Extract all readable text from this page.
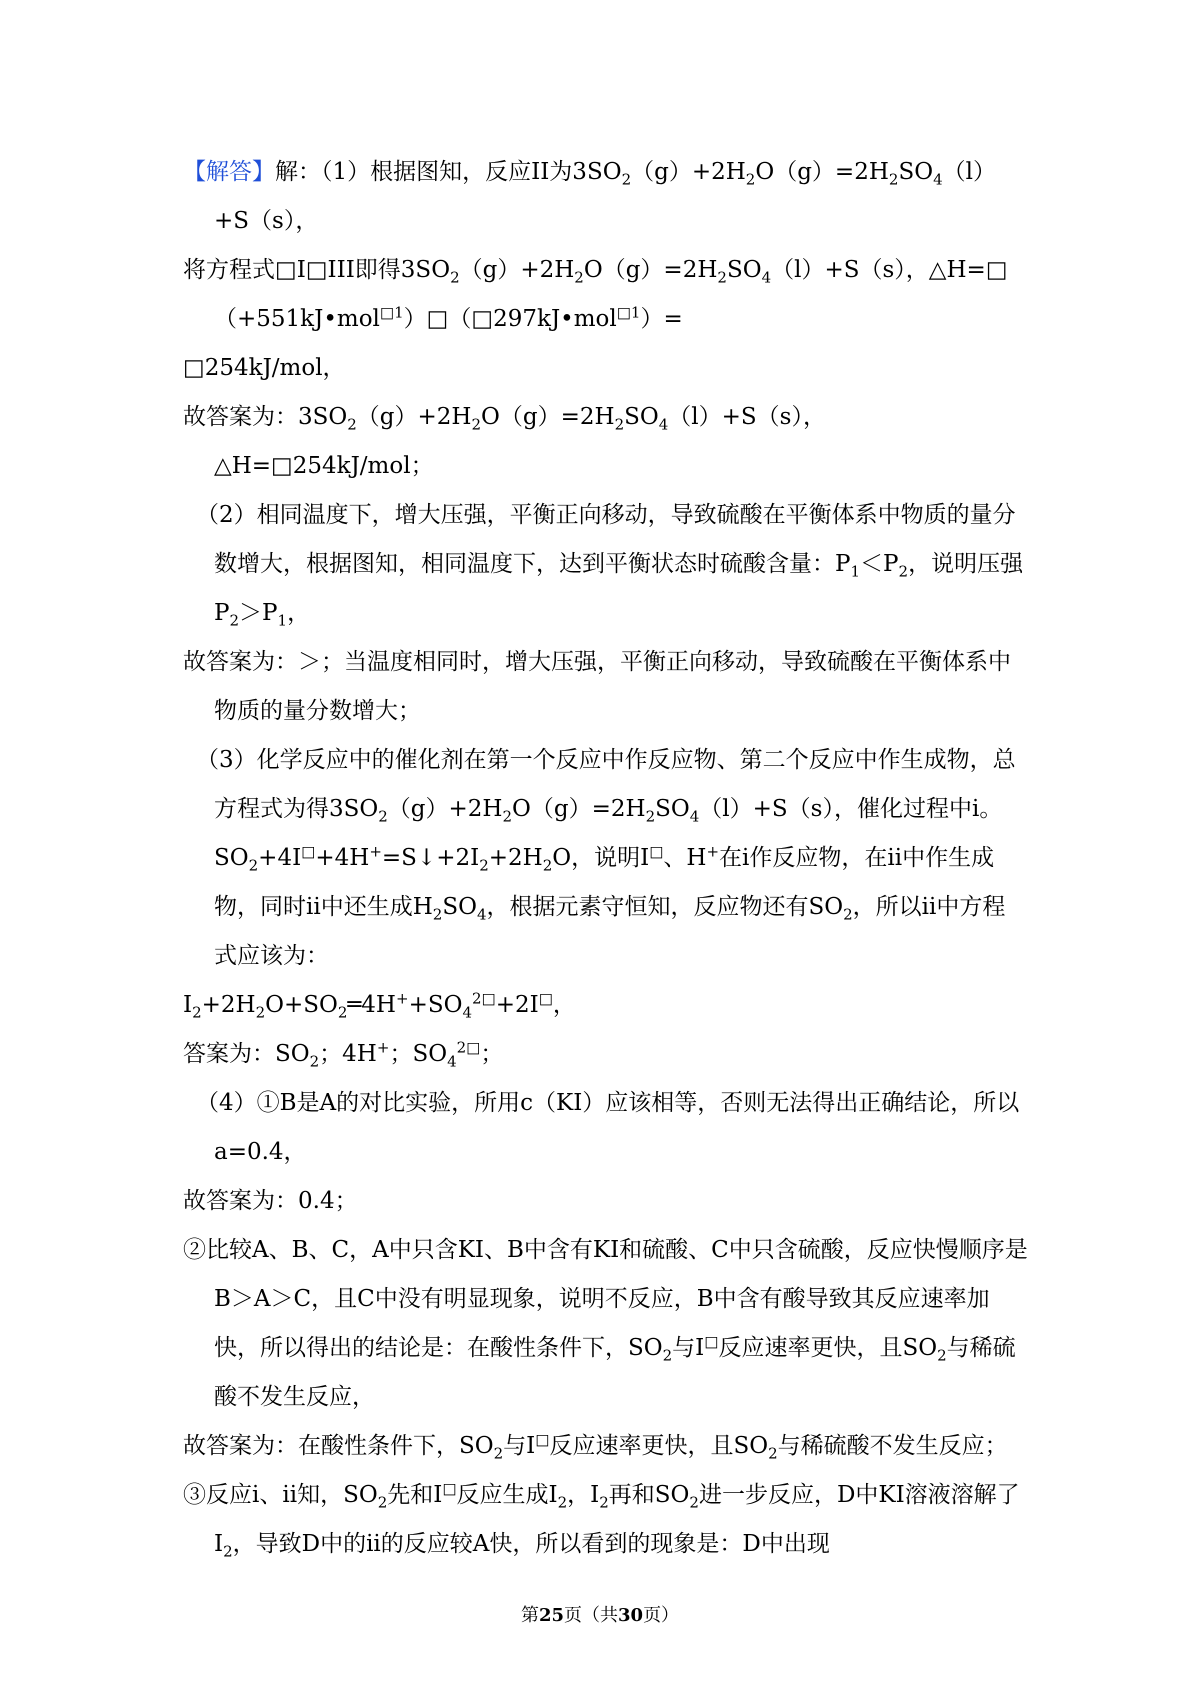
【解答】解：（1）根据图知，反应II为$3SO_2(g)+2H_2O(g)=2H_2SO_4(l)+S(s)$，

将方程式□I□III即得$3SO_2(g)+2H_2O(g)=2H_2SO_4(l)+S(s)$，△H=□（+551kJ•mol$^{□1}$）□（□297kJ•mol$^{□1}$）=

□254kJ/mol，

故答案为：$3SO_2(g)+2H_2O(g)=2H_2SO_4(l)+S(s)$，△H=□254kJ/mol；

（2）相同温度下，增大压强，平衡正向移动，导致硫酸在平衡体系中物质的量分数增大，根据图知，相同温度下，达到平衡状态时硫酸含量：$P_1<P_2$，说明压强$P_2>P_1$，

故答案为：＞；当温度相同时，增大压强，平衡正向移动，导致硫酸在平衡体系中物质的量分数增大；

（3）化学反应中的催化剂在第一个反应中作反应物、第二个反应中作生成物，总方程式为得$3SO_2(g)+2H_2O(g)=2H_2SO_4(l)+S(s)$，催化过程中i。$SO_2+4I^□+4H^+=S↓+2I_2+2H_2O$，说明I□、H+在i作反应物，在ii中作生成物，同时ii中还生成$H_2SO_4$，根据元素守恒知，反应物还有$SO_2$，所以ii中方程式应该为：

$I_2+2H_2O+SO_2═4H^++SO_4^{2□}+2I^□$，

答案为：$SO_2$；4H+；$SO_4^{2□}$；

（4）①B是A的对比实验，所用c（KI）应该相等，否则无法得出正确结论，所以a=0.4，

故答案为：0.4；

②比较A、B、C，A中只含KI、B中含有KI和硫酸、C中只含硫酸，反应快慢顺序是B＞A＞C，且C中没有明显现象，说明不反应，B中含有酸导致其反应速率加快，所以得出的结论是：在酸性条件下，$SO_2$与I□反应速率更快，且$SO_2$与稀硫酸不发生反应，

故答案为：在酸性条件下，$SO_2$与I□反应速率更快，且$SO_2$与稀硫酸不发生反应；

③反应i、ii知，$SO_2$先和I□反应生成$I_2$，$I_2$再和$SO_2$进一步反应，D中KI溶液溶解了$I_2$，导致D中的ii的反应较A快，所以看到的现象是：D中出现

第25页（共30页）
